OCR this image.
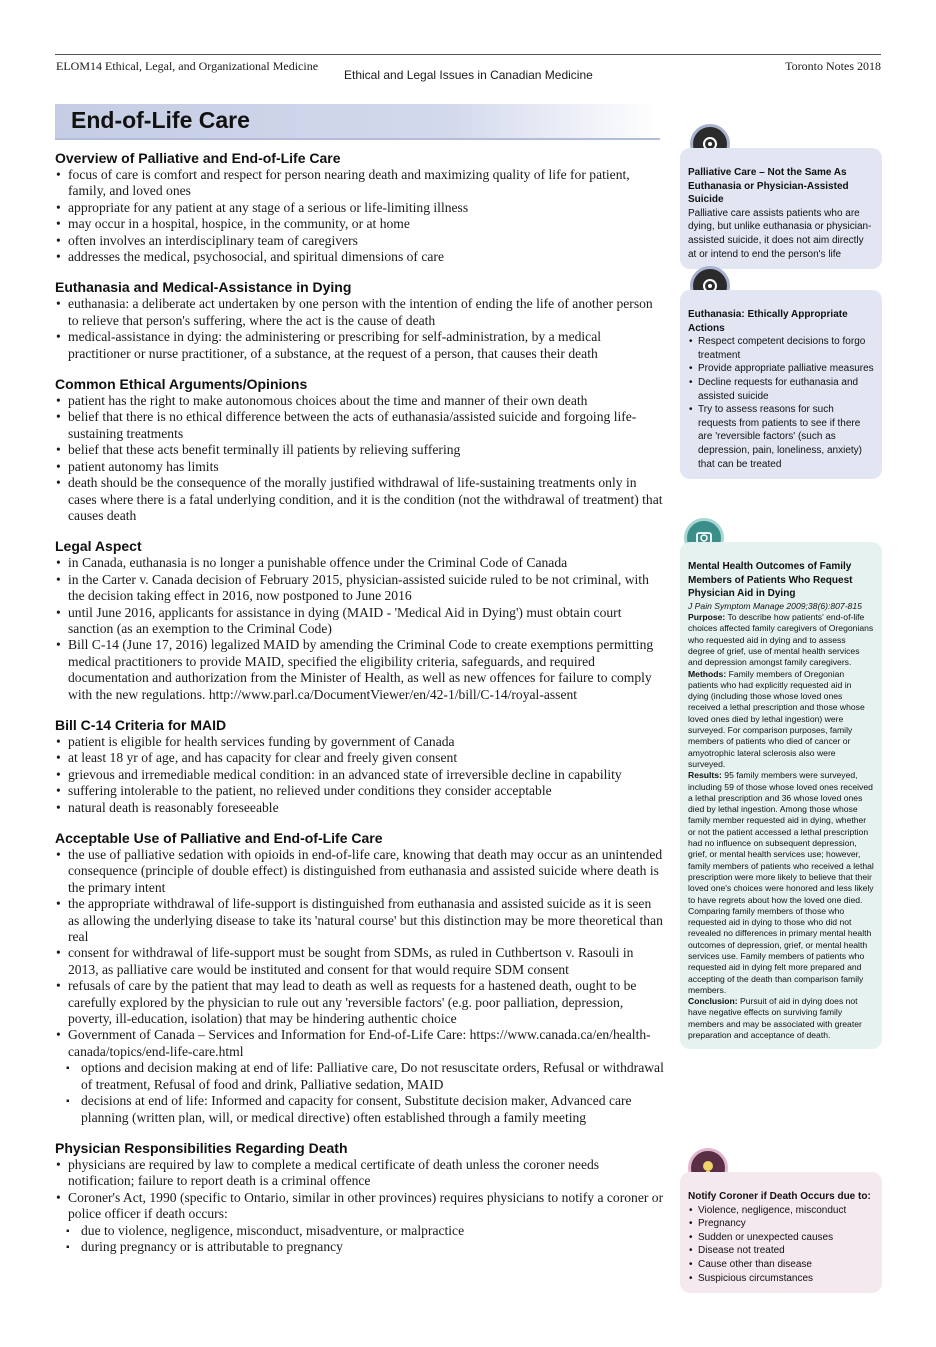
ELOM14 Ethical, Legal, and Organizational Medicine
Ethical and Legal Issues in Canadian Medicine
Toronto Notes 2018
End-of-Life Care
Overview of Palliative and End-of-Life Care
• focus of care is comfort and respect for person nearing death and maximizing quality of life for patient, family, and loved ones
• appropriate for any patient at any stage of a serious or life-limiting illness
• may occur in a hospital, hospice, in the community, or at home
• often involves an interdisciplinary team of caregivers
• addresses the medical, psychosocial, and spiritual dimensions of care
Euthanasia and Medical-Assistance in Dying
• euthanasia: a deliberate act undertaken by one person with the intention of ending the life of another person to relieve that person's suffering, where the act is the cause of death
• medical-assistance in dying: the administering or prescribing for self-administration, by a medical practitioner or nurse practitioner, of a substance, at the request of a person, that causes their death
Common Ethical Arguments/Opinions
• patient has the right to make autonomous choices about the time and manner of their own death
• belief that there is no ethical difference between the acts of euthanasia/assisted suicide and forgoing life-sustaining treatments
• belief that these acts benefit terminally ill patients by relieving suffering
• patient autonomy has limits
• death should be the consequence of the morally justified withdrawal of life-sustaining treatments only in cases where there is a fatal underlying condition, and it is the condition (not the withdrawal of treatment) that causes death
Legal Aspect
• in Canada, euthanasia is no longer a punishable offence under the Criminal Code of Canada
• in the Carter v. Canada decision of February 2015, physician-assisted suicide ruled to be not criminal, with the decision taking effect in 2016, now postponed to June 2016
• until June 2016, applicants for assistance in dying (MAID - 'Medical Aid in Dying') must obtain court sanction (as an exemption to the Criminal Code)
• Bill C-14 (June 17, 2016) legalized MAID by amending the Criminal Code to create exemptions permitting medical practitioners to provide MAID, specified the eligibility criteria, safeguards, and required documentation and authorization from the Minister of Health, as well as new offences for failure to comply with the new regulations. http://www.parl.ca/DocumentViewer/en/42-1/bill/C-14/royal-assent
Bill C-14 Criteria for MAID
• patient is eligible for health services funding by government of Canada
• at least 18 yr of age, and has capacity for clear and freely given consent
• grievous and irremediable medical condition: in an advanced state of irreversible decline in capability
• suffering intolerable to the patient, no relieved under conditions they consider acceptable
• natural death is reasonably foreseeable
Acceptable Use of Palliative and End-of-Life Care
• the use of palliative sedation with opioids in end-of-life care, knowing that death may occur as an unintended consequence (principle of double effect) is distinguished from euthanasia and assisted suicide where death is the primary intent
• the appropriate withdrawal of life-support is distinguished from euthanasia and assisted suicide as it is seen as allowing the underlying disease to take its 'natural course' but this distinction may be more theoretical than real
• consent for withdrawal of life-support must be sought from SDMs, as ruled in Cuthbertson v. Rasouli in 2013, as palliative care would be instituted and consent for that would require SDM consent
• refusals of care by the patient that may lead to death as well as requests for a hastened death, ought to be carefully explored by the physician to rule out any 'reversible factors' (e.g. poor palliation, depression, poverty, ill-education, isolation) that may be hindering authentic choice
• Government of Canada – Services and Information for End-of-Life Care: https://www.canada.ca/en/health-canada/topics/end-life-care.html
▪ options and decision making at end of life: Palliative care, Do not resuscitate orders, Refusal or withdrawal of treatment, Refusal of food and drink, Palliative sedation, MAID
▪ decisions at end of life: Informed and capacity for consent, Substitute decision maker, Advanced care planning (written plan, will, or medical directive) often established through a family meeting
Physician Responsibilities Regarding Death
• physicians are required by law to complete a medical certificate of death unless the coroner needs notification; failure to report death is a criminal offence
• Coroner's Act, 1990 (specific to Ontario, similar in other provinces) requires physicians to notify a coroner or police officer if death occurs:
▪ due to violence, negligence, misconduct, misadventure, or malpractice
▪ during pregnancy or is attributable to pregnancy
Palliative Care – Not the Same As Euthanasia or Physician-Assisted Suicide
Palliative care assists patients who are dying, but unlike euthanasia or physician-assisted suicide, it does not aim directly at or intend to end the person's life
Euthanasia: Ethically Appropriate Actions
• Respect competent decisions to forgo treatment
• Provide appropriate palliative measures
• Decline requests for euthanasia and assisted suicide
• Try to assess reasons for such requests from patients to see if there are 'reversible factors' (such as depression, pain, loneliness, anxiety) that can be treated
Mental Health Outcomes of Family Members of Patients Who Request Physician Aid in Dying
J Pain Symptom Manage 2009;38(6):807-815
Purpose: To describe how patients' end-of-life choices affected family caregivers of Oregonians who requested aid in dying and to assess degree of grief, use of mental health services and depression amongst family caregivers.
Methods: Family members of Oregonian patients who had explicitly requested aid in dying (including those whose loved ones received a lethal prescription and those whose loved ones died by lethal ingestion) were surveyed. For comparison purposes, family members of patients who died of cancer or amyotrophic lateral sclerosis also were surveyed.
Results: 95 family members were surveyed, including 59 of those whose loved ones received a lethal prescription and 36 whose loved ones died by lethal ingestion. Among those whose family member requested aid in dying, whether or not the patient accessed a lethal prescription had no influence on subsequent depression, grief, or mental health services use; however, family members of patients who received a lethal prescription were more likely to believe that their loved one's choices were honored and less likely to have regrets about how the loved one died. Comparing family members of those who requested aid in dying to those who did not revealed no differences in primary mental health outcomes of depression, grief, or mental health services use. Family members of patients who requested aid in dying felt more prepared and accepting of the death than comparison family members.
Conclusion: Pursuit of aid in dying does not have negative effects on surviving family members and may be associated with greater preparation and acceptance of death.
Notify Coroner if Death Occurs due to:
• Violence, negligence, misconduct
• Pregnancy
• Sudden or unexpected causes
• Disease not treated
• Cause other than disease
• Suspicious circumstances
